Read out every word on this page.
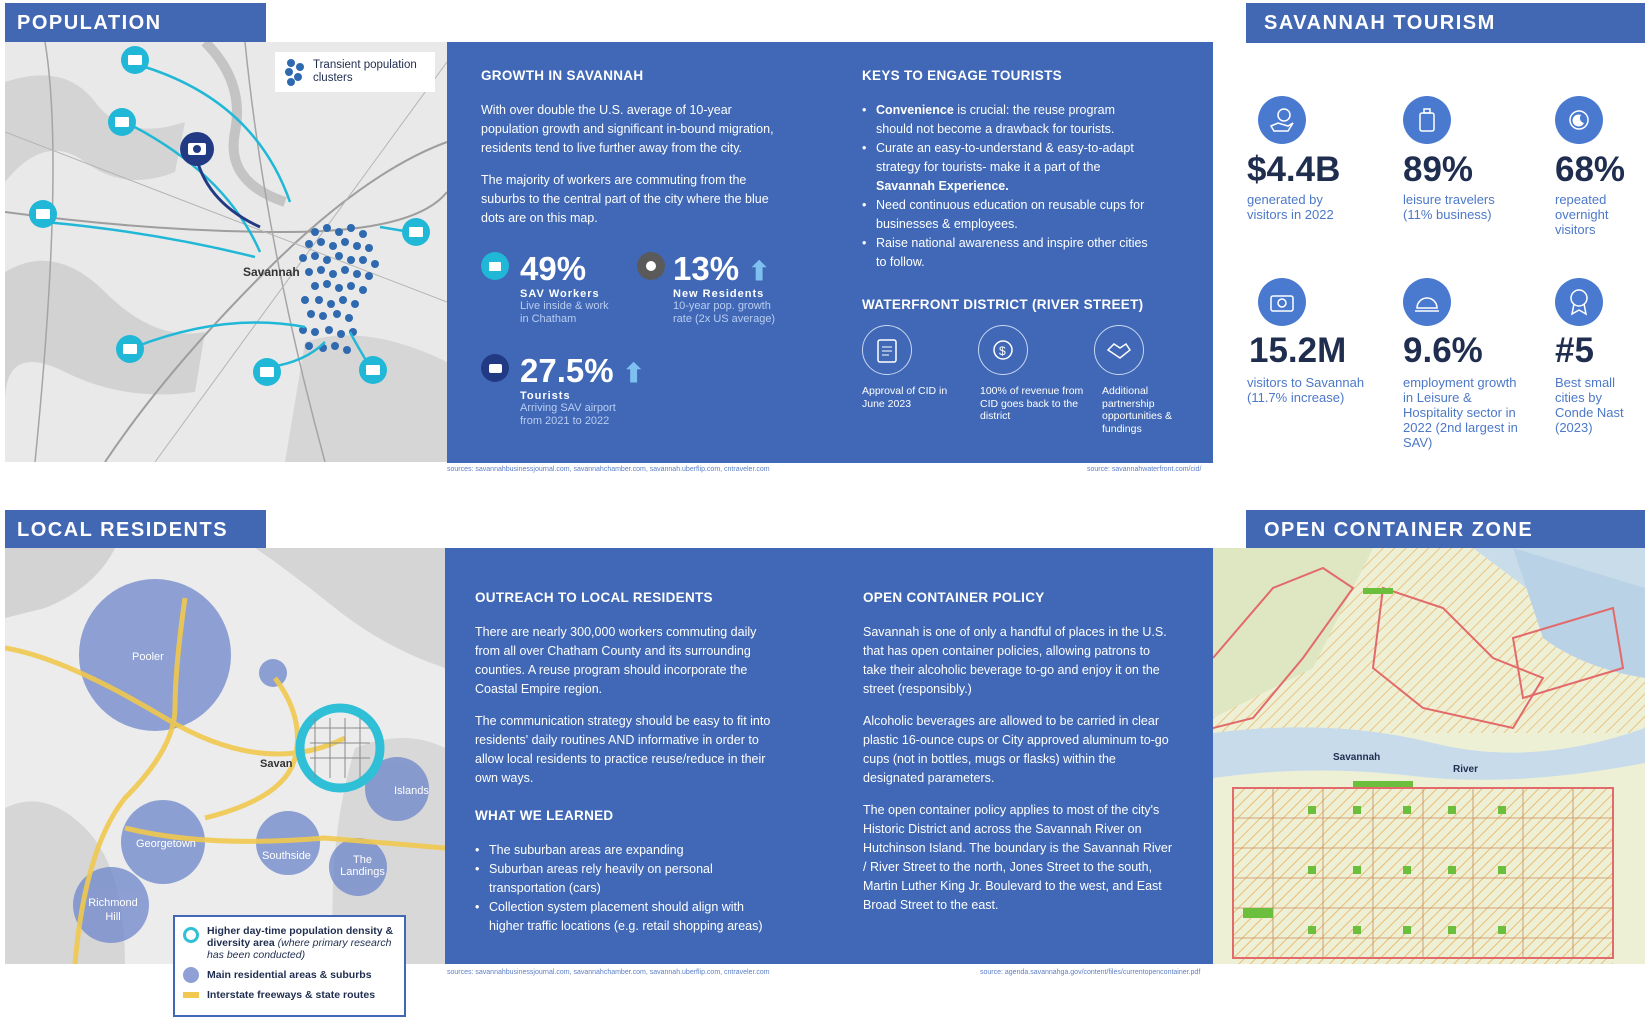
POPULATION
Transient population clusters
Savannah
GROWTH IN SAVANNAH

With over double the U.S. average of 10-year population growth and significant in-bound migration, residents tend to live further away from the city.

The majority of workers are commuting from the suburbs to the central part of the city where the blue dots are on this map.

49%
SAV Workers
Live inside & work in Chatham
13% ⬆
New Residents
10-year pop. growth rate (2x US average)
27.5% ⬆
Tourists
Arriving SAV airport from 2021 to 2022
KEYS TO ENGAGE TOURISTS
• Convenience is crucial: the reuse program should not become a drawback for tourists.
• Curate an easy-to-understand & easy-to-adapt strategy for tourists- make it a part of the Savannah Experience.
• Need continuous education on reusable cups for businesses & employees.
• Raise national awareness and inspire other cities to follow.
WATERFRONT DISTRICT (RIVER STREET)
$
Approval of CID in June 2023
100% of revenue from CID goes back to the district
Additional partnership opportunities & fundings
sources: savannahbusinessjournal.com, savannahchamber.com, savannah.uberflip.com, cntraveler.com	source: savannahwaterfront.com/cid/
SAVANNAH TOURISM
$4.4B 89% 68%
generated by visitors in 2022
leisure travelers (11% business)
repeated overnight visitors
15.2M 9.6% #5
visitors to Savannah (11.7% increase)
employment growth in Leisure & Hospitality sector in 2022 (2nd largest in SAV)
Best small cities by Conde Nast (2023)
LOCAL RESIDENTS
Pooler
Savan
Islands
Georgetown
Southside	The Landings
Richmond Hill
Higher day-time population density & diversity area (where primary research has been conducted)
Main residential areas & suburbs
Interstate freeways & state routes
OUTREACH TO LOCAL RESIDENTS

There are nearly 300,000 workers commuting daily from all over Chatham County and its surrounding counties. A reuse program should incorporate the Coastal Empire region.

The communication strategy should be easy to fit into residents' daily routines AND informative in order to allow local residents to practice reuse/reduce in their own ways.

WHAT WE LEARNED
• The suburban areas are expanding
• Suburban areas rely heavily on personal transportation (cars)
• Collection system placement should align with higher traffic locations (e.g. retail shopping areas)
OPEN CONTAINER POLICY

Savannah is one of only a handful of places in the U.S. that has open container policies, allowing patrons to take their alcoholic beverage to-go and enjoy it on the street (responsibly.)

Alcoholic beverages are allowed to be carried in clear plastic 16-ounce cups or City approved aluminum to-go cups (not in bottles, mugs or flasks) within the designated parameters.

The open container policy applies to most of the city's Historic District and across the Savannah River on Hutchinson Island. The boundary is the Savannah River / River Street to the north, Jones Street to the south, Martin Luther King Jr. Boulevard to the west, and East Broad Street to the east.

sources: savannahbusinessjournal.com, savannahchamber.com, savannah.uberflip.com, cntraveler.com	source: agenda.savannahga.gov/content/files/currentopencontainer.pdf
OPEN CONTAINER ZONE
Savannah
River
